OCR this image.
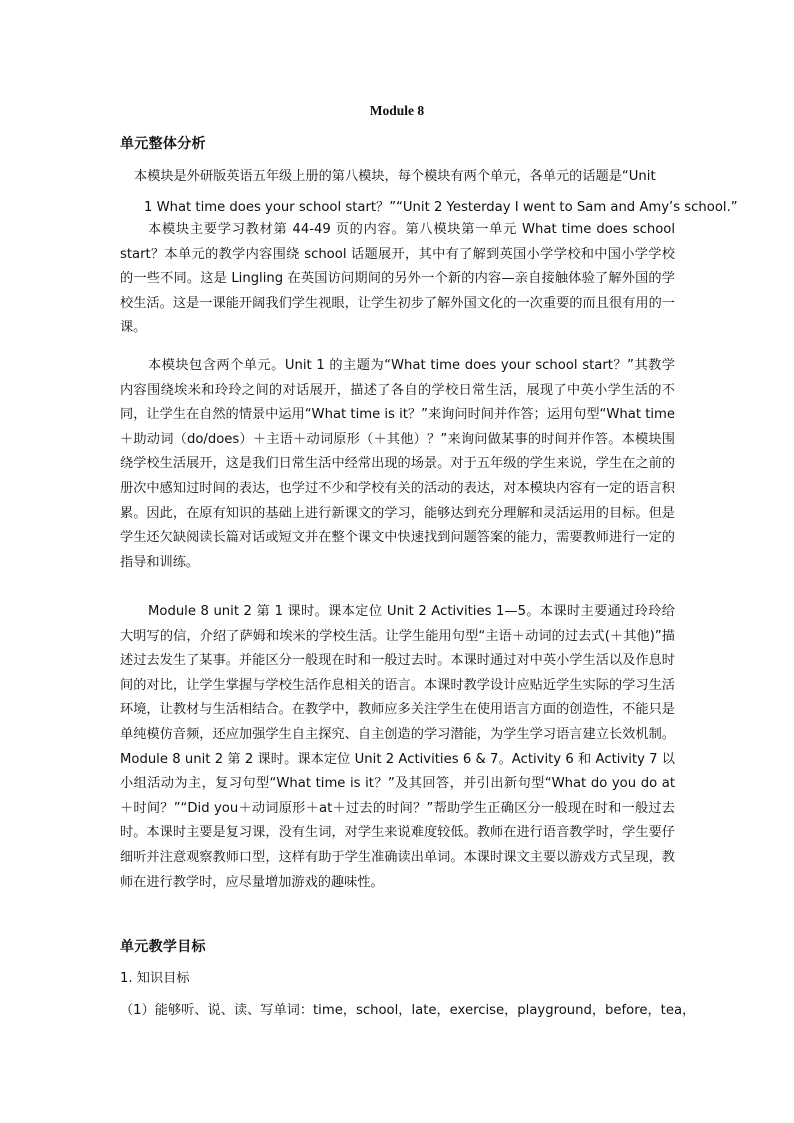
Module 8
单元整体分析
本模块是外研版英语五年级上册的第八模块，每个模块有两个单元，各单元的话题是“Unit
1 What time does your school start？”“Unit 2 Yesterday I went to Sam and Amy’s school.”
本模块主要学习教材第 44-49 页的内容。第八模块第一单元 What time does school start？本单元的教学内容围绕 school 话题展开，其中有了解到英国小学学校和中国小学学校的一些不同。这是 Lingling 在英国访问期间的另外一个新的内容—亲自接触体验了解外国的学校生活。这是一课能开阔我们学生视眼，让学生初步了解外国文化的一次重要的而且很有用的一课。
本模块包含两个单元。Unit 1 的主题为“What time does your school start？”其教学内容围绕埃米和玲玲之间的对话展开，描述了各自的学校日常生活，展现了中英小学生活的不同，让学生在自然的情景中运用“What time is it？”来询问时间并作答；运用句型“What time＋助动词（do/does）＋主语＋动词原形（＋其他）？”来询问做某事的时间并作答。本模块围绕学校生活展开，这是我们日常生活中经常出现的场景。对于五年级的学生来说，学生在之前的册次中感知过时间的表达，也学过不少和学校有关的活动的表达，对本模块内容有一定的语言积累。因此，在原有知识的基础上进行新课文的学习，能够达到充分理解和灵活运用的目标。但是学生还欠缺阅读长篇对话或短文并在整个课文中快速找到问题答案的能力，需要教师进行一定的指导和训练。
Module 8 unit 2 第 1 课时。课本定位 Unit 2 Activities 1—5。本课时主要通过玲玲给大明写的信，介绍了萨姆和埃米的学校生活。让学生能用句型“主语＋动词的过去式(＋其他)”描述过去发生了某事。并能区分一般现在时和一般过去时。本课时通过对中英小学生活以及作息时间的对比，让学生掌握与学校生活作息相关的语言。本课时教学设计应贴近学生实际的学习生活环境，让教材与生活相结合。在教学中，教师应多关注学生在使用语言方面的创造性，不能只是单纯模仿音频，还应加强学生自主探究、自主创造的学习潜能，为学生学习语言建立长效机制。Module 8 unit 2 第 2 课时。课本定位 Unit 2 Activities 6 & 7。Activity 6 和 Activity 7 以小组活动为主，复习句型“What time is it？”及其回答，并引出新句型“What do you do at＋时间？”“Did you＋动词原形＋at＋过去的时间？”帮助学生正确区分一般现在时和一般过去时。本课时主要是复习课，没有生词，对学生来说难度较低。教师在进行语音教学时，学生要仔细听并注意观察教师口型，这样有助于学生准确读出单词。本课时课文主要以游戏方式呈现，教师在进行教学时，应尽量增加游戏的趣味性。
单元教学目标
1. 知识目标
（1）能够听、说、读、写单词：time，school，late，exercise，playground，before，tea，
